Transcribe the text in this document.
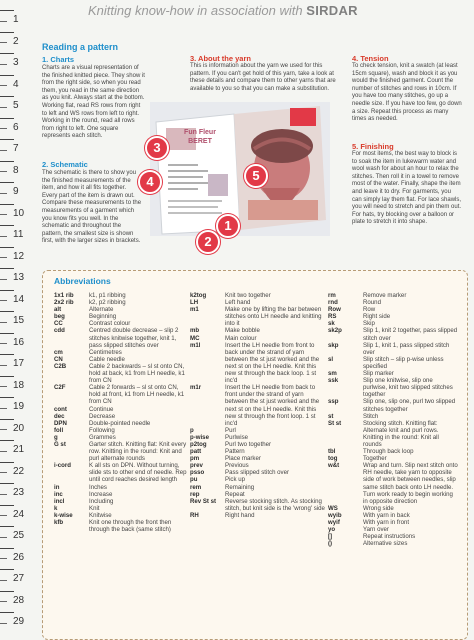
Knitting know-how in association with SIRDAR
1
2
3
4
5
6
7
8
9
10
11
12
13
14
15
16
17
18
19
20
21
22
23
24
25
26
27
28
29
Reading a pattern
1. Charts

Charts are a visual representation of the finished knitted piece. They show it from the right side, so when you read them, you read in the same direction as you knit. Always start at the bottom. Working flat, read RS rows from right to left and WS rows from left to right. Working in the round, read all rows from right to left. One square represents each stitch.

2. Schematic

The schematic is there to show you the finished measurements of the item, and how it all fits together. Every part of the item is drawn out. Compare these measurements to the measurements of a garment which you know fits you well. In the schematic and throughout the pattern, the smallest size is shown first, with the larger sizes in brackets.

3. About the yarn

This is information about the yarn we used for this pattern. If you can't get hold of this yarn, take a look at these details and compare them to other yarns that are available to you so that you can make a substitution.

4. Tension

To check tension, knit a swatch (at least 15cm square), wash and block it as you would the finished garment. Count the number of stitches and rows in 10cm. If you have too many stitches, go up a needle size. If you have too few, go down a size. Repeat this process as many times as needed.

5. Finishing

For most items, the best way to block is to soak the item in lukewarm water and wool wash for about an hour to relax the stitches. Then roll it in a towel to remove most of the water. Finally, shape the item and leave it to dry. For garments, you can simply lay them flat. For lace shawls, you will need to stretch and pin them out. For hats, try blocking over a balloon or plate to stretch it into shape.

Fun Fleur BERET
3
4	5
1
2
Abbreviations
1x1 rib	k1, p1 ribbing
2x2 rib	k2, p2 ribbing
alt	Alternate
beg	Beginning
CC	Contrast colour
cdd	Centred double decrease – slip 2 stitches knitwise together, knit 1, pass slipped stitches over
cm	Centimetres
CN	Cable needle
C2B	Cable 2 backwards – sl st onto CN, hold at back, k1 from LH needle, k1 from CN
C2F	Cable 2 forwards – sl st onto CN, hold at front, k1 from LH needle, k1 from CN
cont	Continue
dec	Decrease
DPN	Double-pointed needle
foll	Following
g	Grammes
G st	Garter stitch. Knitting flat: Knit every row. Knitting in the round: Knit and purl alternate rounds
i-cord	K all sts on DPN. Without turning, slide sts to other end of needle. Rep until cord reaches desired length
in	Inches
inc	Increase
incl	Including
k	Knit
k-wise	Knitwise
kfb	Knit one through the front then through the back (same stitch)
k2tog	Knit two together
LH	Left hand
m1	Make one by lifting the bar between stitches onto LH needle and knitting into it
mb	Make bobble
MC	Main colour
m1l	Insert the LH needle from front to back under the strand of yarn between the st just worked and the next st on the LH needle. Knit this new st through the back loop. 1 st inc'd
m1r	Insert the LH needle from back to front under the strand of yarn between the st just worked and the next st on the LH needle. Knit this new st through the front loop. 1 st inc'd
p	Purl
p-wise	Purlwise
p2tog	Purl two together
patt	Pattern
pm	Place marker
prev	Previous
psso	Pass slipped stitch over
pu	Pick up
rem	Remaining
rep	Repeat
Rev St st	Reverse stocking stitch. As stocking stitch, but knit side is the 'wrong' side
RH	Right hand
rm	Remove marker
rnd	Round
Row	Row
RS	Right side
sk	Skip
sk2p	Slip 1, knit 2 together, pass slipped stitch over
skp	Slip 1, knit 1, pass slipped stitch over
sl	Slip stitch – slip p-wise unless specified
sm	Slip marker
ssk	Slip one knitwise, slip one purlwise, knit two slipped stitches together
ssp	Slip one, slip one, purl two slipped stitches together
st	Stitch
St st	Stocking stitch. Knitting flat: Alternate knit and purl rows. Knitting in the round: Knit all rounds
tbl	Through back loop
tog	Together
w&t	Wrap and turn. Slip next stitch onto RH needle, take yarn to opposite side of work between needles, slip same stitch back onto LH needle. Turn work ready to begin working in opposite direction
WS	Wrong side
wyib	With yarn in back
wyif	With yarn in front
yo	Yarn over
[]	Repeat instructions
()	Alternative sizes
